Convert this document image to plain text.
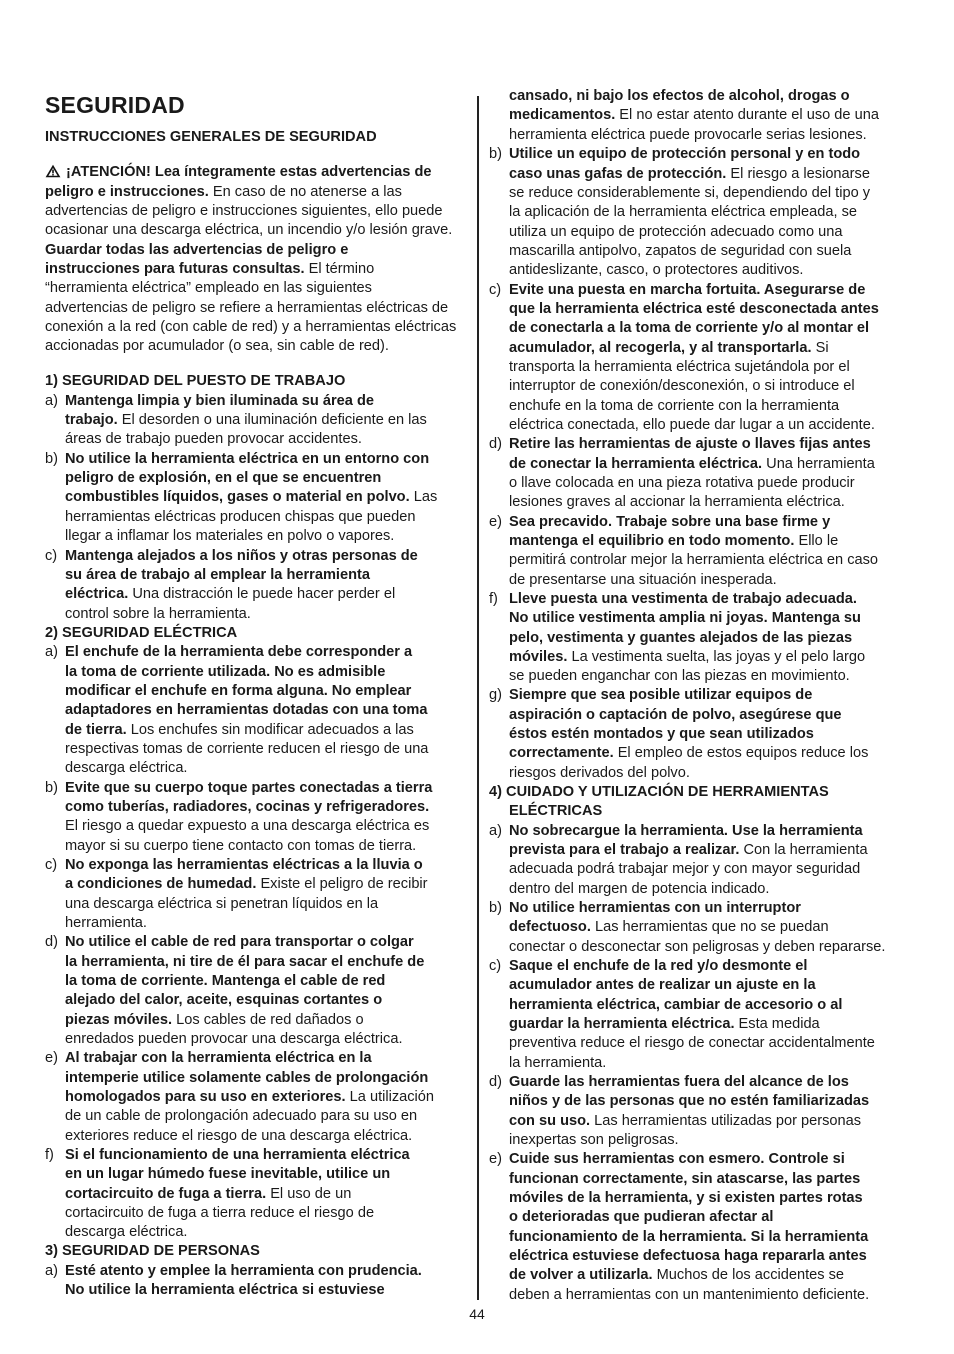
SEGURIDAD
INSTRUCCIONES GENERALES DE SEGURIDAD
¡ATENCIÓN! Lea íntegramente estas advertencias de
peligro e instrucciones. En caso de no atenerse a las
advertencias de peligro e instrucciones siguientes, ello puede
ocasionar una descarga eléctrica, un incendio y/o lesión grave.
Guardar todas las advertencias de peligro e
instrucciones para futuras consultas. El término
“herramienta eléctrica” empleado en las siguientes
advertencias de peligro se refiere a herramientas eléctricas de
conexión a la red (con cable de red) y a herramientas eléctricas
accionadas por acumulador (o sea, sin cable de red).
1) SEGURIDAD DEL PUESTO DE TRABAJO
a) Mantenga limpia y bien iluminada su área de
trabajo. El desorden o una iluminación deficiente en las
áreas de trabajo pueden provocar accidentes.
b) No utilice la herramienta eléctrica en un entorno con
peligro de explosión, en el que se encuentren
combustibles líquidos, gases o material en polvo. Las
herramientas eléctricas producen chispas que pueden
llegar a inflamar los materiales en polvo o vapores.
c) Mantenga alejados a los niños y otras personas de
su área de trabajo al emplear la herramienta
eléctrica. Una distracción le puede hacer perder el
control sobre la herramienta.
2) SEGURIDAD ELÉCTRICA
a) El enchufe de la herramienta debe corresponder a
la toma de corriente utilizada. No es admisible
modificar el enchufe en forma alguna. No emplear
adaptadores en herramientas dotadas con una toma
de tierra. Los enchufes sin modificar adecuados a las
respectivas tomas de corriente reducen el riesgo de una
descarga eléctrica.
b) Evite que su cuerpo toque partes conectadas a tierra
como tuberías, radiadores, cocinas y refrigeradores.
El riesgo a quedar expuesto a una descarga eléctrica es
mayor si su cuerpo tiene contacto con tomas de tierra.
c) No exponga las herramientas eléctricas a la lluvia o
a condiciones de humedad. Existe el peligro de recibir
una descarga eléctrica si penetran líquidos en la
herramienta.
d) No utilice el cable de red para transportar o colgar
la herramienta, ni tire de él para sacar el enchufe de
la toma de corriente. Mantenga el cable de red
alejado del calor, aceite, esquinas cortantes o
piezas móviles. Los cables de red dañados o
enredados pueden provocar una descarga eléctrica.
e) Al trabajar con la herramienta eléctrica en la
intemperie utilice solamente cables de prolongación
homologados para su uso en exteriores. La utilización
de un cable de prolongación adecuado para su uso en
exteriores reduce el riesgo de una descarga eléctrica.
f) Si el funcionamiento de una herramienta eléctrica
en un lugar húmedo fuese inevitable, utilice un
cortacircuito de fuga a tierra. El uso de un
cortacircuito de fuga a tierra reduce el riesgo de
descarga eléctrica.
3) SEGURIDAD DE PERSONAS
a) Esté atento y emplee la herramienta con prudencia.
No utilice la herramienta eléctrica si estuviese
cansado, ni bajo los efectos de alcohol, drogas o
medicamentos. El no estar atento durante el uso de una
herramienta eléctrica puede provocarle serias lesiones.
b) Utilice un equipo de protección personal y en todo
caso unas gafas de protección. El riesgo a lesionarse
se reduce considerablemente si, dependiendo del tipo y
la aplicación de la herramienta eléctrica empleada, se
utiliza un equipo de protección adecuado como una
mascarilla antipolvo, zapatos de seguridad con suela
antideslizante, casco, o protectores auditivos.
c) Evite una puesta en marcha fortuita. Asegurarse de
que la herramienta eléctrica esté desconectada antes
de conectarla a la toma de corriente y/o al montar el
acumulador, al recogerla, y al transportarla. Si
transporta la herramienta eléctrica sujetándola por el
interruptor de conexión/desconexión, o si introduce el
enchufe en la toma de corriente con la herramienta
eléctrica conectada, ello puede dar lugar a un accidente.
d) Retire las herramientas de ajuste o llaves fijas antes
de conectar la herramienta eléctrica. Una herramienta
o llave colocada en una pieza rotativa puede producir
lesiones graves al accionar la herramienta eléctrica.
e) Sea precavido. Trabaje sobre una base firme y
mantenga el equilibrio en todo momento. Ello le
permitirá controlar mejor la herramienta eléctrica en caso
de presentarse una situación inesperada.
f) Lleve puesta una vestimenta de trabajo adecuada.
No utilice vestimenta amplia ni joyas. Mantenga su
pelo, vestimenta y guantes alejados de las piezas
móviles. La vestimenta suelta, las joyas y el pelo largo
se pueden enganchar con las piezas en movimiento.
g) Siempre que sea posible utilizar equipos de
aspiración o captación de polvo, asegúrese que
éstos estén montados y que sean utilizados
correctamente. El empleo de estos equipos reduce los
riesgos derivados del polvo.
4) CUIDADO Y UTILIZACIÓN DE HERRAMIENTAS
ELÉCTRICAS
a) No sobrecargue la herramienta. Use la herramienta
prevista para el trabajo a realizar. Con la herramienta
adecuada podrá trabajar mejor y con mayor seguridad
dentro del margen de potencia indicado.
b) No utilice herramientas con un interruptor
defectuoso. Las herramientas que no se puedan
conectar o desconectar son peligrosas y deben repararse.
c) Saque el enchufe de la red y/o desmonte el
acumulador antes de realizar un ajuste en la
herramienta eléctrica, cambiar de accesorio o al
guardar la herramienta eléctrica. Esta medida
preventiva reduce el riesgo de conectar accidentalmente
la herramienta.
d) Guarde las herramientas fuera del alcance de los
niños y de las personas que no estén familiarizadas
con su uso. Las herramientas utilizadas por personas
inexpertas son peligrosas.
e) Cuide sus herramientas con esmero. Controle si
funcionan correctamente, sin atascarse, las partes
móviles de la herramienta, y si existen partes rotas
o deterioradas que pudieran afectar al
funcionamiento de la herramienta. Si la herramienta
eléctrica estuviese defectuosa haga repararla antes
de volver a utilizarla. Muchos de los accidentes se
deben a herramientas con un mantenimiento deficiente.
44
